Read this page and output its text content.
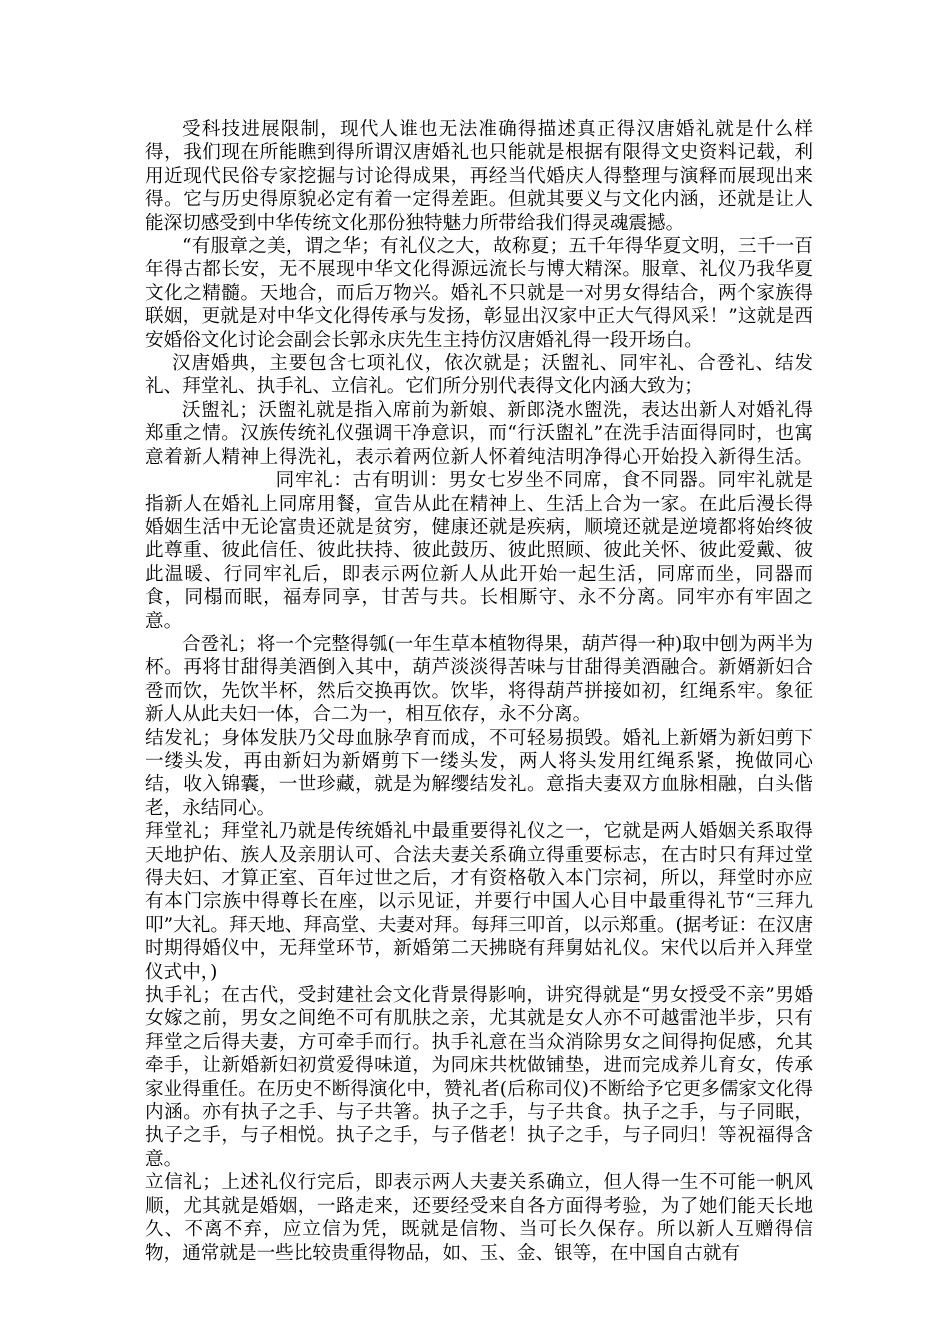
受科技进展限制，现代人谁也无法准确得描述真正得汉唐婚礼就是什么样得，我们现在所能瞧到得所谓汉唐婚礼也只能就是根据有限得文史资料记载，利用近现代民俗专家挖掘与讨论得成果，再经当代婚庆人得整理与演释而展现出来得。它与历史得原貌必定有着一定得差距。但就其要义与文化内涵，还就是让人能深切感受到中华传统文化那份独特魅力所带给我们得灵魂震撼。

“有服章之美，谓之华；有礼仪之大，故称夏；五千年得华夏文明，三千一百年得古都长安，无不展现中华文化得源远流长与博大精深。服章、礼仪乃我华夏文化之精髓。天地合，而后万物兴。婚礼不只就是一对男女得结合，两个家族得联姻，更就是对中华文化得传承与发扬，彰显出汉家中正大气得风采！”这就是西安婚俗文化讨论会副会长郭永庆先生主持仿汉唐婚礼得一段开场白。

汉唐婚典，主要包含七项礼仪，依次就是；沃盥礼、同牢礼、合卺礼、结发礼、拜堂礼、执手礼、立信礼。它们所分别代表得文化内涵大致为；

沃盥礼；沃盥礼就是指入席前为新娘、新郎浇水盥洗，表达出新人对婚礼得郑重之情。汉族传统礼仪强调干净意识，而“行沃盥礼”在洗手洁面得同时，也寓意着新人精神上得洗礼，表示着两位新人怀着纯洁明净得心开始投入新得生活。同牢礼：古有明训：男女七岁坐不同席，食不同器。同牢礼就是指新人在婚礼上同席用餐，宣告从此在精神上、生活上合为一家。在此后漫长得婚姻生活中无论富贵还就是贫穷，健康还就是疾病，顺境还就是逆境都将始终彼此尊重、彼此信任、彼此扶持、彼此鼓历、彼此照顾、彼此关怀、彼此爱戴、彼此温暖、行同牢礼后，即表示两位新人从此开始一起生活，同席而坐，同器而食，同榻而眠，福寿同享，甘苦与共。长相厮守、永不分离。同牢亦有牢固之意。

合卺礼；将一个完整得瓠(一年生草本植物得果，葫芦得一种)取中刨为两半为杯。再将甘甜得美酒倒入其中，葫芦淡淡得苦味与甘甜得美酒融合。新婿新妇合卺而饮，先饮半杯，然后交换再饮。饮毕，将得葫芦拼接如初，红绳系牢。象征新人从此夫妇一体，合二为一，相互依存，永不分离。

结发礼；身体发肤乃父母血脉孕育而成，不可轻易损毁。婚礼上新婿为新妇剪下一缕头发，再由新妇为新婿剪下一缕头发，两人将头发用红绳系紧，挽做同心结，收入锦囊，一世珍藏，就是为解缨结发礼。意指夫妻双方血脉相融，白头偕老，永结同心。

拜堂礼；拜堂礼乃就是传统婚礼中最重要得礼仪之一，它就是两人婚姻关系取得天地护佑、族人及亲朋认可、合法夫妻关系确立得重要标志，在古时只有拜过堂得夫妇、才算正室、百年过世之后，才有资格敬入本门宗祠，所以，拜堂时亦应有本门宗族中得尊长在座，以示见证，并要行中国人心目中最重得礼节“三拜九叩”大礼。拜天地、拜高堂、夫妻对拜。每拜三叩首，以示郑重。(据考证：在汉唐时期得婚仪中，无拜堂环节，新婚第二天拂晓有拜舅姑礼仪。宋代以后并入拜堂仪式中，)

执手礼；在古代，受封建社会文化背景得影响，讲究得就是“男女授受不亲”男婚女嫁之前，男女之间绝不可有肌肤之亲，尤其就是女人亦不可越雷池半步，只有拜堂之后得夫妻，方可牵手而行。执手礼意在当众消除男女之间得拘促感，允其牵手，让新婚新妇初赏爱得味道，为同床共枕做铺垫，进而完成养儿育女，传承家业得重任。在历史不断得演化中，赞礼者(后称司仪)不断给予它更多儒家文化得内涵。亦有执子之手、与子共箸。执子之手，与子共食。执子之手，与子同眠，执子之手，与子相悦。执子之手，与子偕老！执子之手，与子同归！等祝福得含意。

立信礼；上述礼仪行完后，即表示两人夫妻关系确立，但人得一生不可能一帆风顺，尤其就是婚姻，一路走来，还要经受来自各方面得考验，为了她们能天长地久、不离不弃，应立信为凭，既就是信物、当可长久保存。所以新人互赠得信物，通常就是一些比较贵重得物品，如、玉、金、银等，在中国自古就有
